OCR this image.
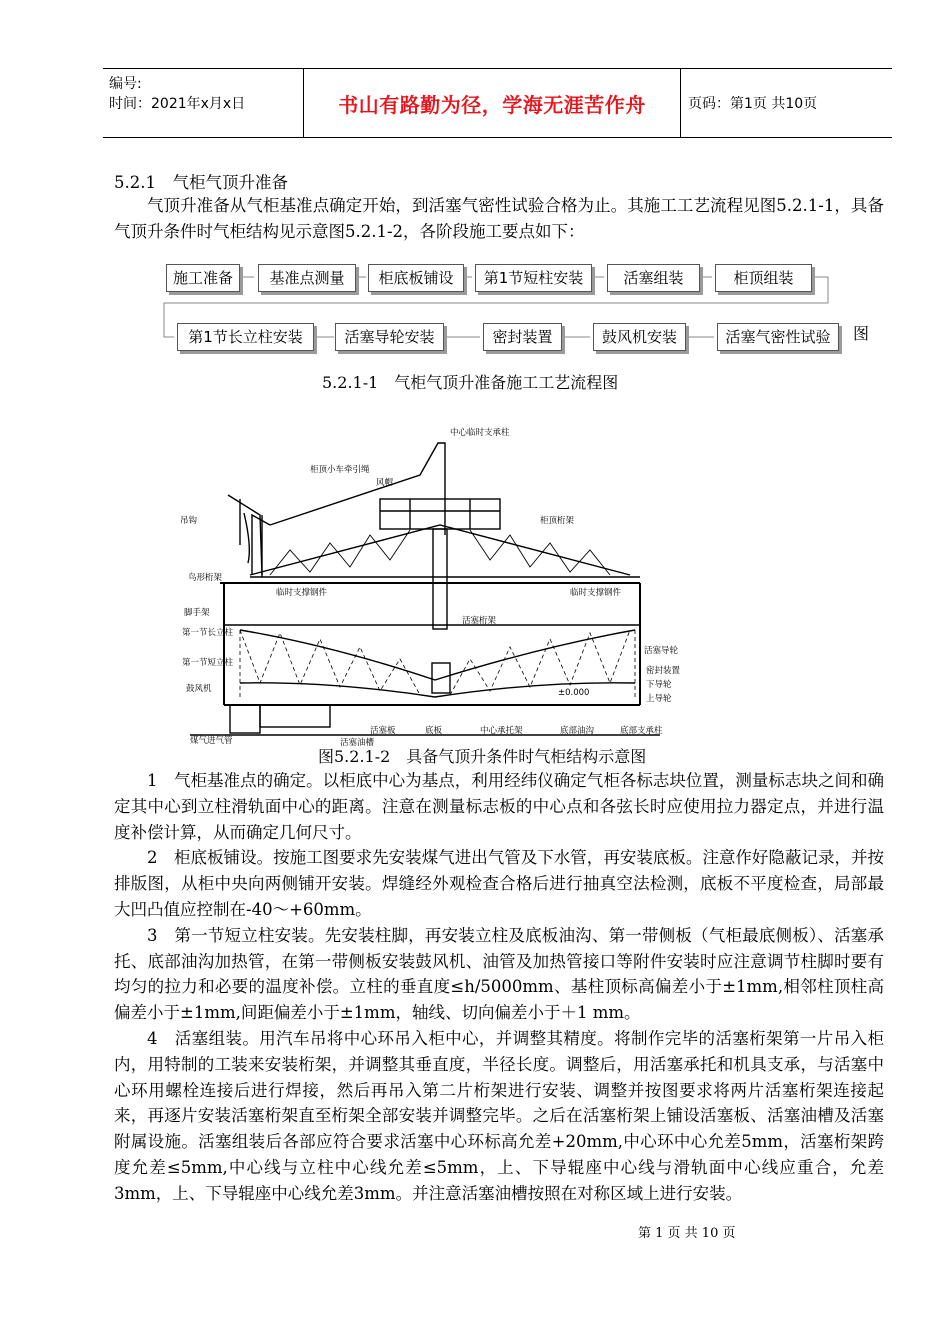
编号:
时间：2021年x月x日	书山有路勤为径，学海无涯苦作舟	页码：第1页 共10页
5.2.1　气柜气顶升准备

气顶升准备从气柜基准点确定开始，到活塞气密性试验合格为止。其施工工艺流程见图5.2.1-1，具备气顶升条件时气柜结构见示意图5.2.1-2，各阶段施工要点如下：

施工准备	基准点测量	柜底板铺设	第1节短柱安装	活塞组装	柜顶组装
第1节长立柱安装	活塞导轮安装	密封装置	鼓风机安装	活塞气密性试验	图
5.2.1-1　气柜气顶升准备施工工艺流程图
中心临时支承柱
柜顶小车牵引绳
风帽
柜顶桁架
吊钩
鸟形桁架
临时支撑钢件	临时支撑钢件
脚手架
第一节长立柱
第一节短立柱
鼓风机
活塞桁架
活塞导轮
±0.000
活塞板	底板
活塞油槽
中心承托架	底部油沟	底部支承柱
煤气进气管
密封装置
下导轮
上导轮
图5.2.1-2　具备气顶升条件时气柜结构示意图

1　气柜基准点的确定。以柜底中心为基点，利用经纬仪确定气柜各标志块位置，测量标志块之间和确定其中心到立柱滑轨面中心的距离。注意在测量标志板的中心点和各弦长时应使用拉力器定点，并进行温度补偿计算，从而确定几何尺寸。

2　柜底板铺设。按施工图要求先安装煤气进出气管及下水管，再安装底板。注意作好隐蔽记录，并按排版图，从柜中央向两侧铺开安装。焊缝经外观检查合格后进行抽真空法检测，底板不平度检查，局部最大凹凸值应控制在-40～+60mm。

3　第一节短立柱安装。先安装柱脚，再安装立柱及底板油沟、第一带侧板（气柜最底侧板）、活塞承托、底部油沟加热管，在第一带侧板安装鼓风机、油管及加热管接口等附件安装时应注意调节柱脚时要有均匀的拉力和必要的温度补偿。立柱的垂直度≤h/5000mm、基柱顶标高偏差小于±1mm,相邻柱顶柱高偏差小于±1mm,间距偏差小于±1mm，轴线、切向偏差小于＋1 mm。

4　活塞组装。用汽车吊将中心环吊入柜中心，并调整其精度。将制作完毕的活塞桁架第一片吊入柜内，用特制的工装来安装桁架，并调整其垂直度，半径长度。调整后，用活塞承托和机具支承，与活塞中心环用螺栓连接后进行焊接，然后再吊入第二片桁架进行安装、调整并按图要求将两片活塞桁架连接起来，再逐片安装活塞桁架直至桁架全部安装并调整完毕。之后在活塞桁架上铺设活塞板、活塞油槽及活塞附属设施。活塞组装后各部应符合要求活塞中心环标高允差+20mm,中心环中心允差5mm，活塞桁架跨度允差≤5mm,中心线与立柱中心线允差≤5mm，上、下导辊座中心线与滑轨面中心线应重合，允差3mm，上、下导辊座中心线允差3mm。并注意活塞油槽按照在对称区域上进行安装。

第 1 页 共 10 页
